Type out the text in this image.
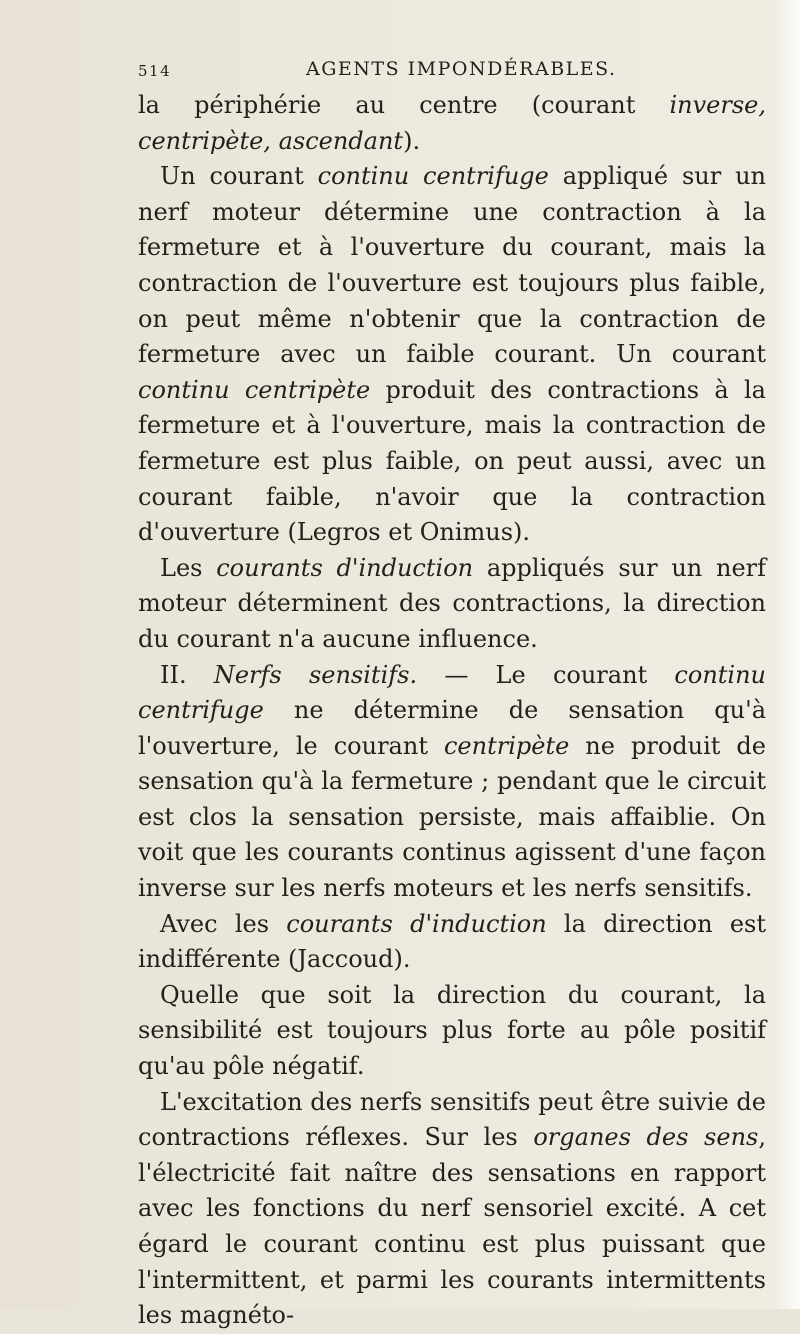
514	AGENTS IMPONDÉRABLES.

la périphérie au centre (courant inverse, centripète, ascendant).

Un courant continu centrifuge appliqué sur un nerf moteur détermine une contraction à la fermeture et à l'ouverture du courant, mais la contraction de l'ouverture est toujours plus faible, on peut même n'obtenir que la contraction de fermeture avec un faible courant. Un courant continu centripète produit des contractions à la fermeture et à l'ouverture, mais la contraction de fermeture est plus faible, on peut aussi, avec un courant faible, n'avoir que la contraction d'ouverture (Legros et Onimus).

Les courants d'induction appliqués sur un nerf moteur déterminent des contractions, la direction du courant n'a aucune influence.

II. Nerfs sensitifs. — Le courant continu centrifuge ne détermine de sensation qu'à l'ouverture, le courant centripète ne produit de sensation qu'à la fermeture ; pendant que le circuit est clos la sensation persiste, mais affaiblie. On voit que les courants continus agissent d'une façon inverse sur les nerfs moteurs et les nerfs sensitifs.

Avec les courants d'induction la direction est indifférente (Jaccoud).

Quelle que soit la direction du courant, la sensibilité est toujours plus forte au pôle positif qu'au pôle négatif.

L'excitation des nerfs sensitifs peut être suivie de contractions réflexes. Sur les organes des sens, l'électricité fait naître des sensations en rapport avec les fonctions du nerf sensoriel excité. A cet égard le courant continu est plus puissant que l'intermittent, et parmi les courants intermittents les magnéto-
